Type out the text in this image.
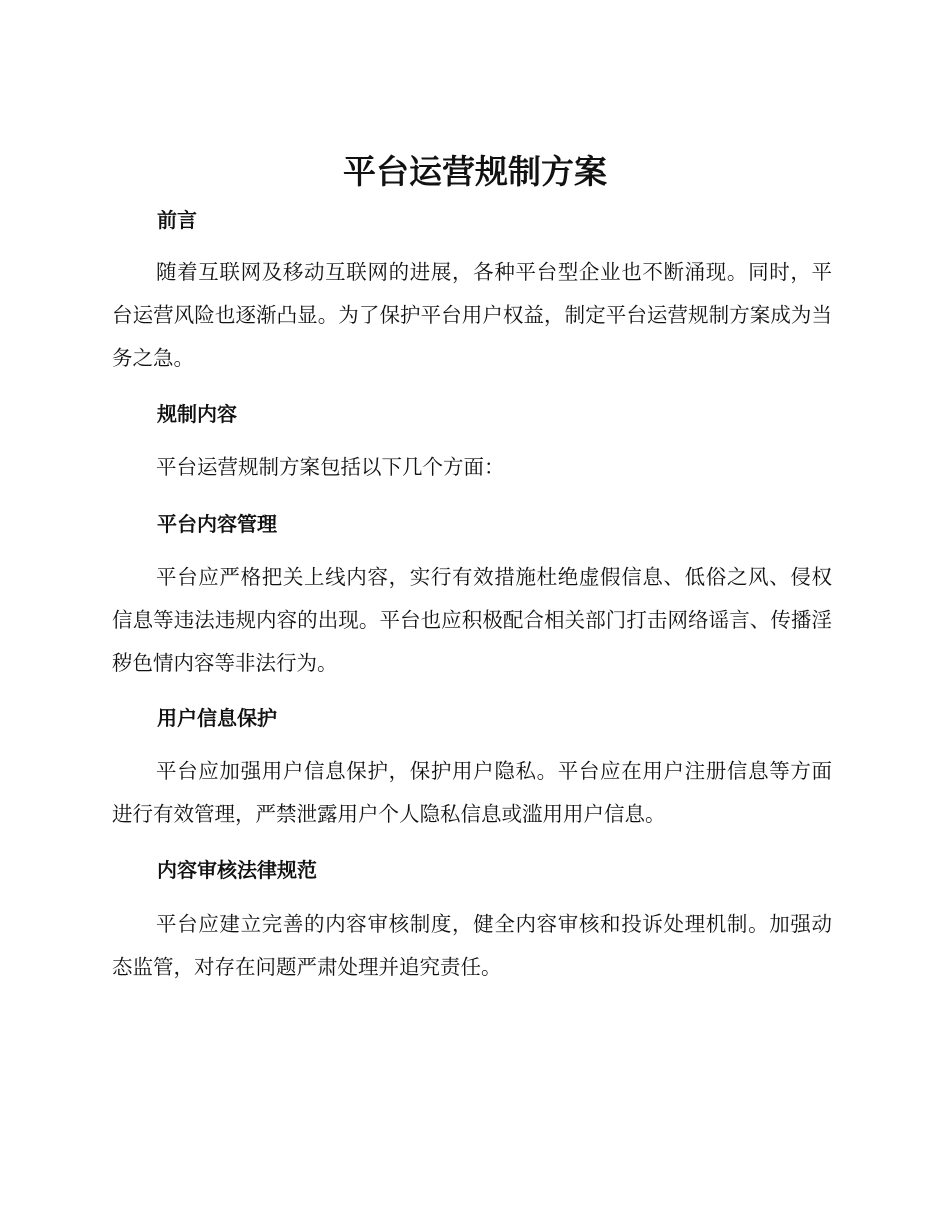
平台运营规制方案
前言

随着互联网及移动互联网的进展，各种平台型企业也不断涌现。同时，平台运营风险也逐渐凸显。为了保护平台用户权益，制定平台运营规制方案成为当务之急。

规制内容

平台运营规制方案包括以下几个方面：

平台内容管理

平台应严格把关上线内容，实行有效措施杜绝虚假信息、低俗之风、侵权信息等违法违规内容的出现。平台也应积极配合相关部门打击网络谣言、传播淫秽色情内容等非法行为。

用户信息保护

平台应加强用户信息保护，保护用户隐私。平台应在用户注册信息等方面进行有效管理，严禁泄露用户个人隐私信息或滥用用户信息。

内容审核法律规范

平台应建立完善的内容审核制度，健全内容审核和投诉处理机制。加强动态监管，对存在问题严肃处理并追究责任。
